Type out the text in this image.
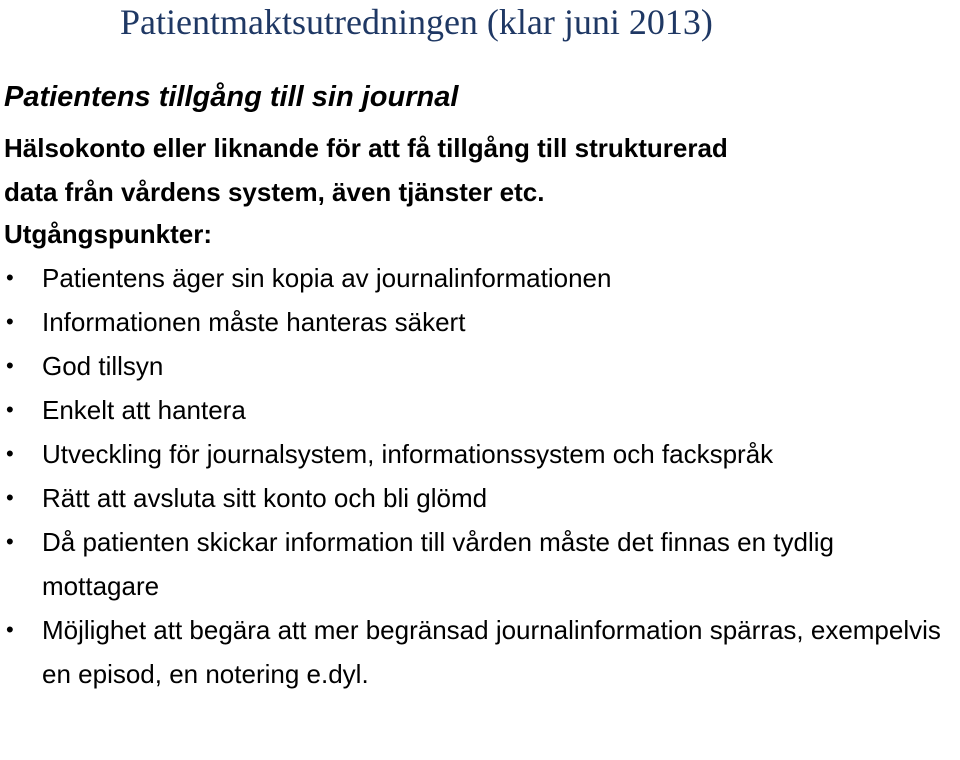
Patientmaktsutredningen (klar juni 2013)
Patientens tillgång till sin journal

Hälsokonto eller liknande för att få tillgång till strukturerad
data från vårdens system, även tjänster etc.

Utgångspunkter:

• Patientens äger sin kopia av journalinformationen
• Informationen måste hanteras säkert
• God tillsyn
• Enkelt att hantera
• Utveckling för journalsystem, informationssystem och fackspråk
• Rätt att avsluta sitt konto och bli glömd
• Då patienten skickar information till vården måste det finnas en tydlig mottagare
• Möjlighet att begära att mer begränsad journalinformation spärras, exempelvis en episod, en notering e.dyl.
